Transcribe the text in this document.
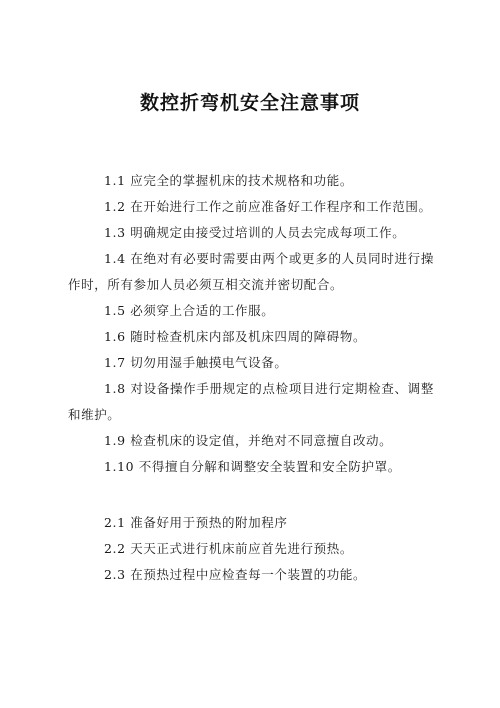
数控折弯机安全注意事项

1.1 应完全的掌握机床的技术规格和功能。

1.2 在开始进行工作之前应准备好工作程序和工作范围。

1.3 明确规定由接受过培训的人员去完成每项工作。

1.4 在绝对有必要时需要由两个或更多的人员同时进行操作时，所有参加人员必须互相交流并密切配合。

1.5 必须穿上合适的工作服。

1.6 随时检查机床内部及机床四周的障碍物。

1.7 切勿用湿手触摸电气设备。

1.8 对设备操作手册规定的点检项目进行定期检查、调整和维护。

1.9 检查机床的设定值，并绝对不同意擅自改动。

1.10 不得擅自分解和调整安全装置和安全防护罩。

2.1 准备好用于预热的附加程序

2.2 天天正式进行机床前应首先进行预热。

2.3 在预热过程中应检查每一个装置的功能。
